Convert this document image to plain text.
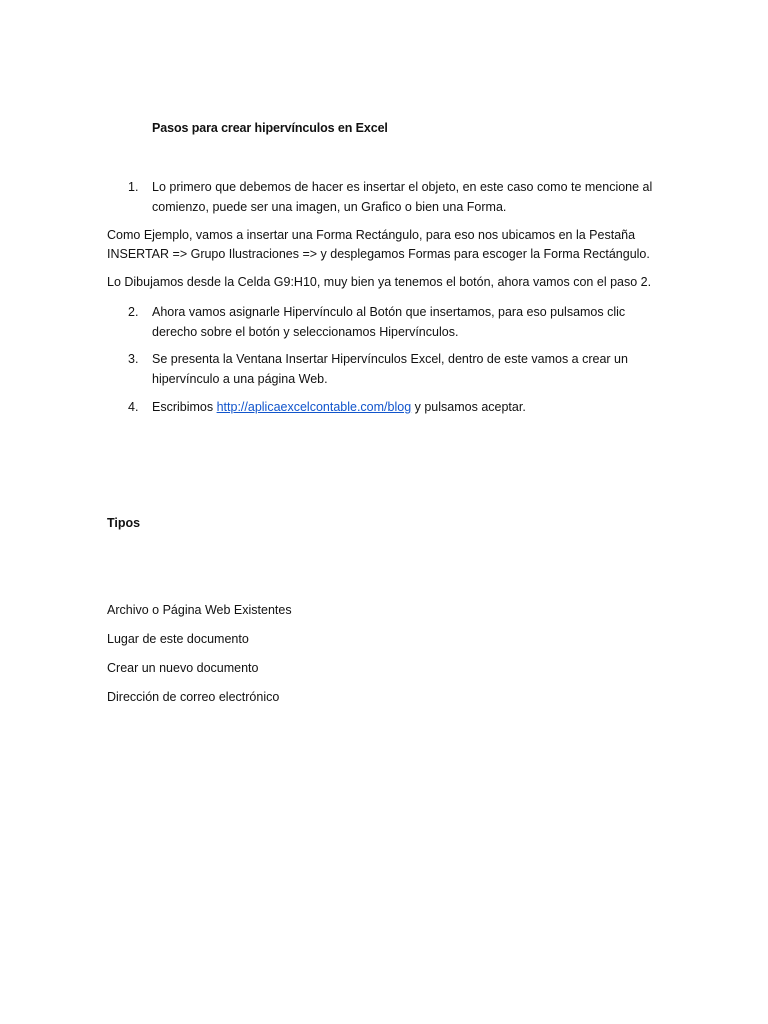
Pasos para crear hipervínculos en Excel
1. Lo primero que debemos de hacer es insertar el objeto, en este caso como te mencione al
comienzo, puede ser una imagen, un Grafico o bien una Forma.
Como Ejemplo, vamos a insertar una Forma Rectángulo, para eso nos ubicamos en la Pestaña
INSERTAR => Grupo Ilustraciones => y desplegamos Formas para escoger la Forma Rectángulo.
Lo Dibujamos desde la Celda G9:H10, muy bien ya tenemos el botón, ahora vamos con el paso 2.
2. Ahora vamos asignarle Hipervínculo al Botón que insertamos, para eso pulsamos clic
derecho sobre el botón y seleccionamos Hipervínculos.
3. Se presenta la Ventana Insertar Hipervínculos Excel, dentro de este vamos a crear un
hipervínculo a una página Web.
4. Escribimos http://aplicaexcelcontable.com/blog y pulsamos aceptar.
Tipos
Archivo o Página Web Existentes
Lugar de este documento
Crear un nuevo documento
Dirección de correo electrónico
